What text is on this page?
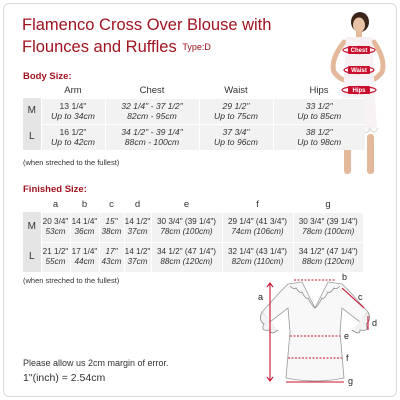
Flamenco Cross Over Blouse with
Flounces and Ruffles Type:D	Chest
Waist
Hips
Body Size:
	Arm	Chest	Waist	Hips
M	13 1/4"
Up to 34cm	32 1/4" - 37 1/2"
82cm - 95cm	29 1/2"
Up to 75cm	33 1/2"
Up to 85cm

L	16 1/2"
Up to 42cm	34 1/2" - 39 1/4"
88cm - 100cm	37 3/4"
Up to 96cm	38 1/2"
Up to 98cm
(when streched to the fullest)
Finished Size:
	a	b	c	d	e	f	g
M	20 3/4"
53cm	14 1/4"
36cm	15"
38cm	14 1/2"
37cm	30 3/4" (39 1/4")
78cm (100cm)	29 1/4" (41 3/4")
74cm (106cm)	30 3/4" (39 1/4")
78cm (100cm)

L	21 1/2"
55cm	17 1/4"
44cm	17"
43cm	14 1/2"
37cm	34 1/2" (47 1/4")
88cm (120cm)	32 1/4" (43 1/4")
82cm (110cm)	34 1/2" (47 1/4")
88cm (120cm)
(when streched to the fullest)
a
b
c
d
e
f
g
Please allow us 2cm margin of error.
1"(inch) = 2.54cm
